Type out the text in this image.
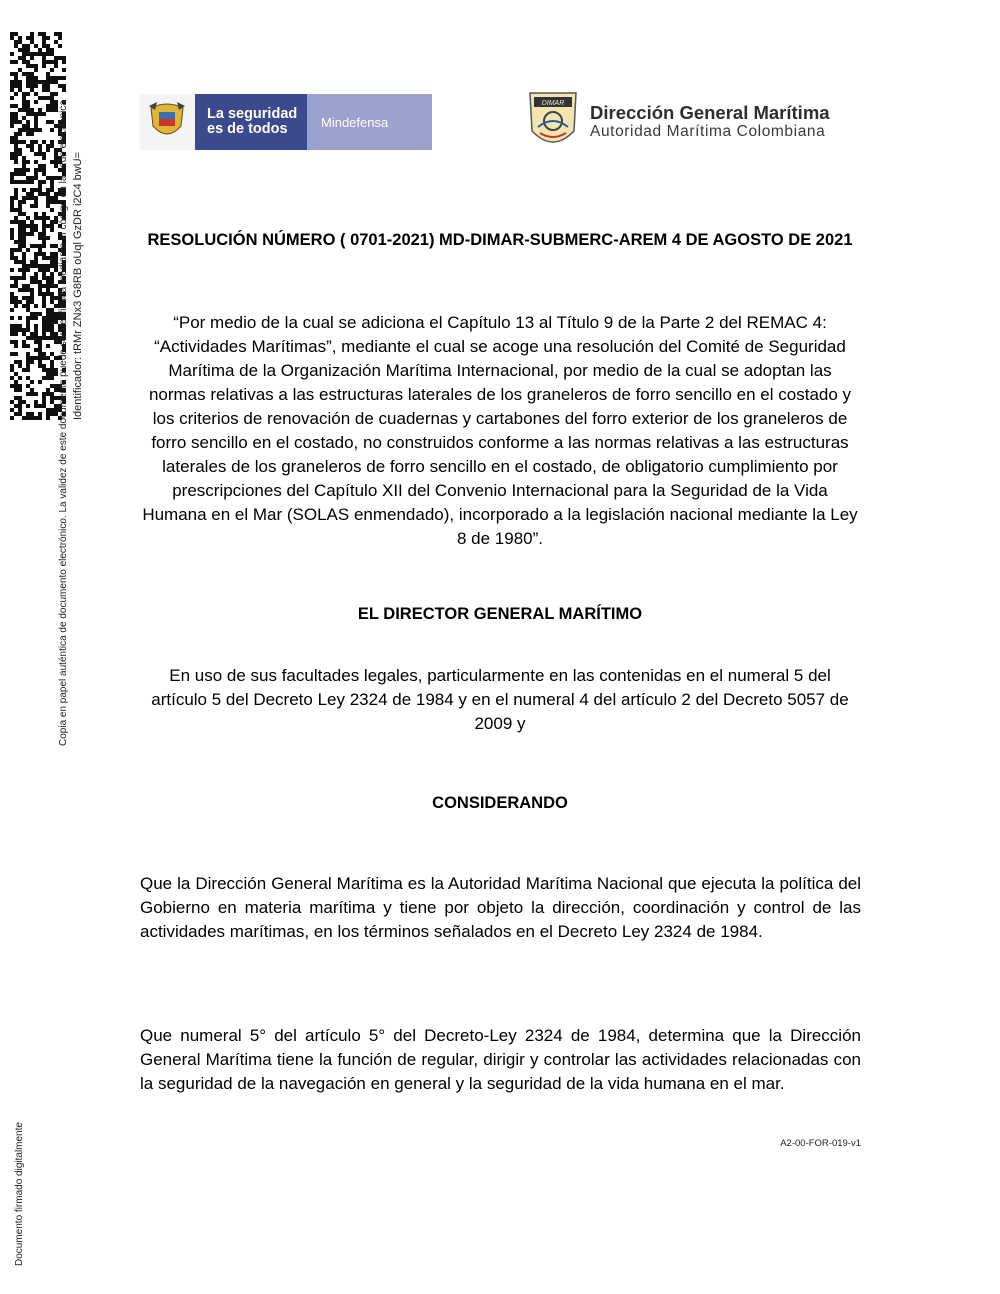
Copia en papel auténtica de documento electrónico. La validez de este documento puede ser verificada mediante el código en la sede electrónica Identificador: tRMr ZNx3 G8RB oUql GzDR i2C4 bwU=
Documento firmado digitalmente
La seguridad
es de todos	Mindefensa
DIMAR Dirección General Marítima
Autoridad Marítima Colombiana
RESOLUCIÓN NÚMERO ( 0701-2021) MD-DIMAR-SUBMERC-AREM 4 DE AGOSTO DE 2021
“Por medio de la cual se adiciona el Capítulo 13 al Título 9 de la Parte 2 del REMAC 4: “Actividades Marítimas”, mediante el cual se acoge una resolución del Comité de Seguridad Marítima de la Organización Marítima Internacional, por medio de la cual se adoptan las normas relativas a las estructuras laterales de los graneleros de forro sencillo en el costado y los criterios de renovación de cuadernas y cartabones del forro exterior de los graneleros de forro sencillo en el costado, no construidos conforme a las normas relativas a las estructuras laterales de los graneleros de forro sencillo en el costado, de obligatorio cumplimiento por prescripciones del Capítulo XII del Convenio Internacional para la Seguridad de la Vida Humana en el Mar (SOLAS enmendado), incorporado a la legislación nacional mediante la Ley 8 de 1980”.
EL DIRECTOR GENERAL MARÍTIMO
En uso de sus facultades legales, particularmente en las contenidas en el numeral 5 del artículo 5 del Decreto Ley 2324 de 1984 y en el numeral 4 del artículo 2 del Decreto 5057 de 2009 y
CONSIDERANDO
Que la Dirección General Marítima es la Autoridad Marítima Nacional que ejecuta la política del Gobierno en materia marítima y tiene por objeto la dirección, coordinación y control de las actividades marítimas, en los términos señalados en el Decreto Ley 2324 de 1984.
Que numeral 5° del artículo 5° del Decreto-Ley 2324 de 1984, determina que la Dirección General Marítima tiene la función de regular, dirigir y controlar las actividades relacionadas con la seguridad de la navegación en general y la seguridad de la vida humana en el mar.
A2-00-FOR-019-v1
